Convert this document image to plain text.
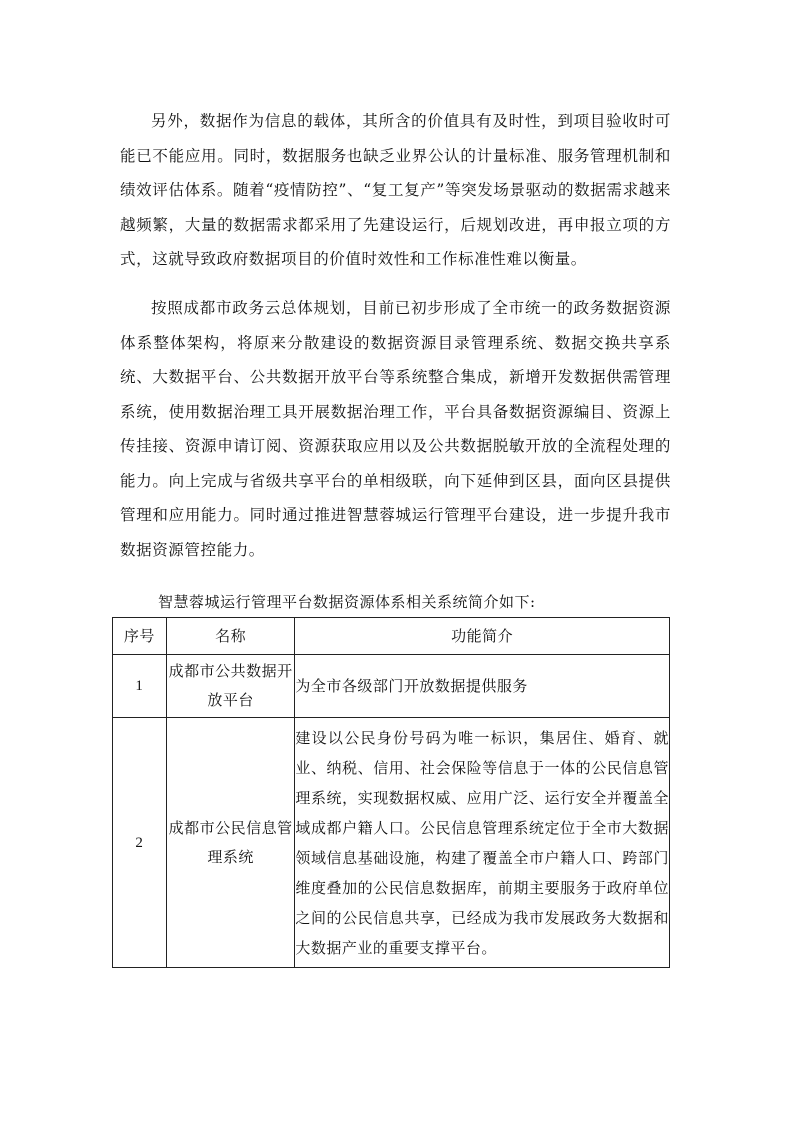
另外，数据作为信息的载体，其所含的价值具有及时性，到项目验收时可能已不能应用。同时，数据服务也缺乏业界公认的计量标准、服务管理机制和绩效评估体系。随着“疫情防控”、“复工复产”等突发场景驱动的数据需求越来越频繁，大量的数据需求都采用了先建设运行，后规划改进，再申报立项的方式，这就导致政府数据项目的价值时效性和工作标准性难以衡量。

按照成都市政务云总体规划，目前已初步形成了全市统一的政务数据资源体系整体架构，将原来分散建设的数据资源目录管理系统、数据交换共享系统、大数据平台、公共数据开放平台等系统整合集成，新增开发数据供需管理系统，使用数据治理工具开展数据治理工作，平台具备数据资源编目、资源上传挂接、资源申请订阅、资源获取应用以及公共数据脱敏开放的全流程处理的能力。向上完成与省级共享平台的单相级联，向下延伸到区县，面向区县提供管理和应用能力。同时通过推进智慧蓉城运行管理平台建设，进一步提升我市数据资源管控能力。

智慧蓉城运行管理平台数据资源体系相关系统简介如下:

序号	名称	功能简介
1	成都市公共数据开放平台	为全市各级部门开放数据提供服务
2	成都市公民信息管理系统	建设以公民身份号码为唯一标识，集居住、婚育、就业、纳税、信用、社会保险等信息于一体的公民信息管理系统，实现数据权威、应用广泛、运行安全并覆盖全域成都户籍人口。公民信息管理系统定位于全市大数据领域信息基础设施，构建了覆盖全市户籍人口、跨部门维度叠加的公民信息数据库，前期主要服务于政府单位之间的公民信息共享，已经成为我市发展政务大数据和大数据产业的重要支撑平台。
